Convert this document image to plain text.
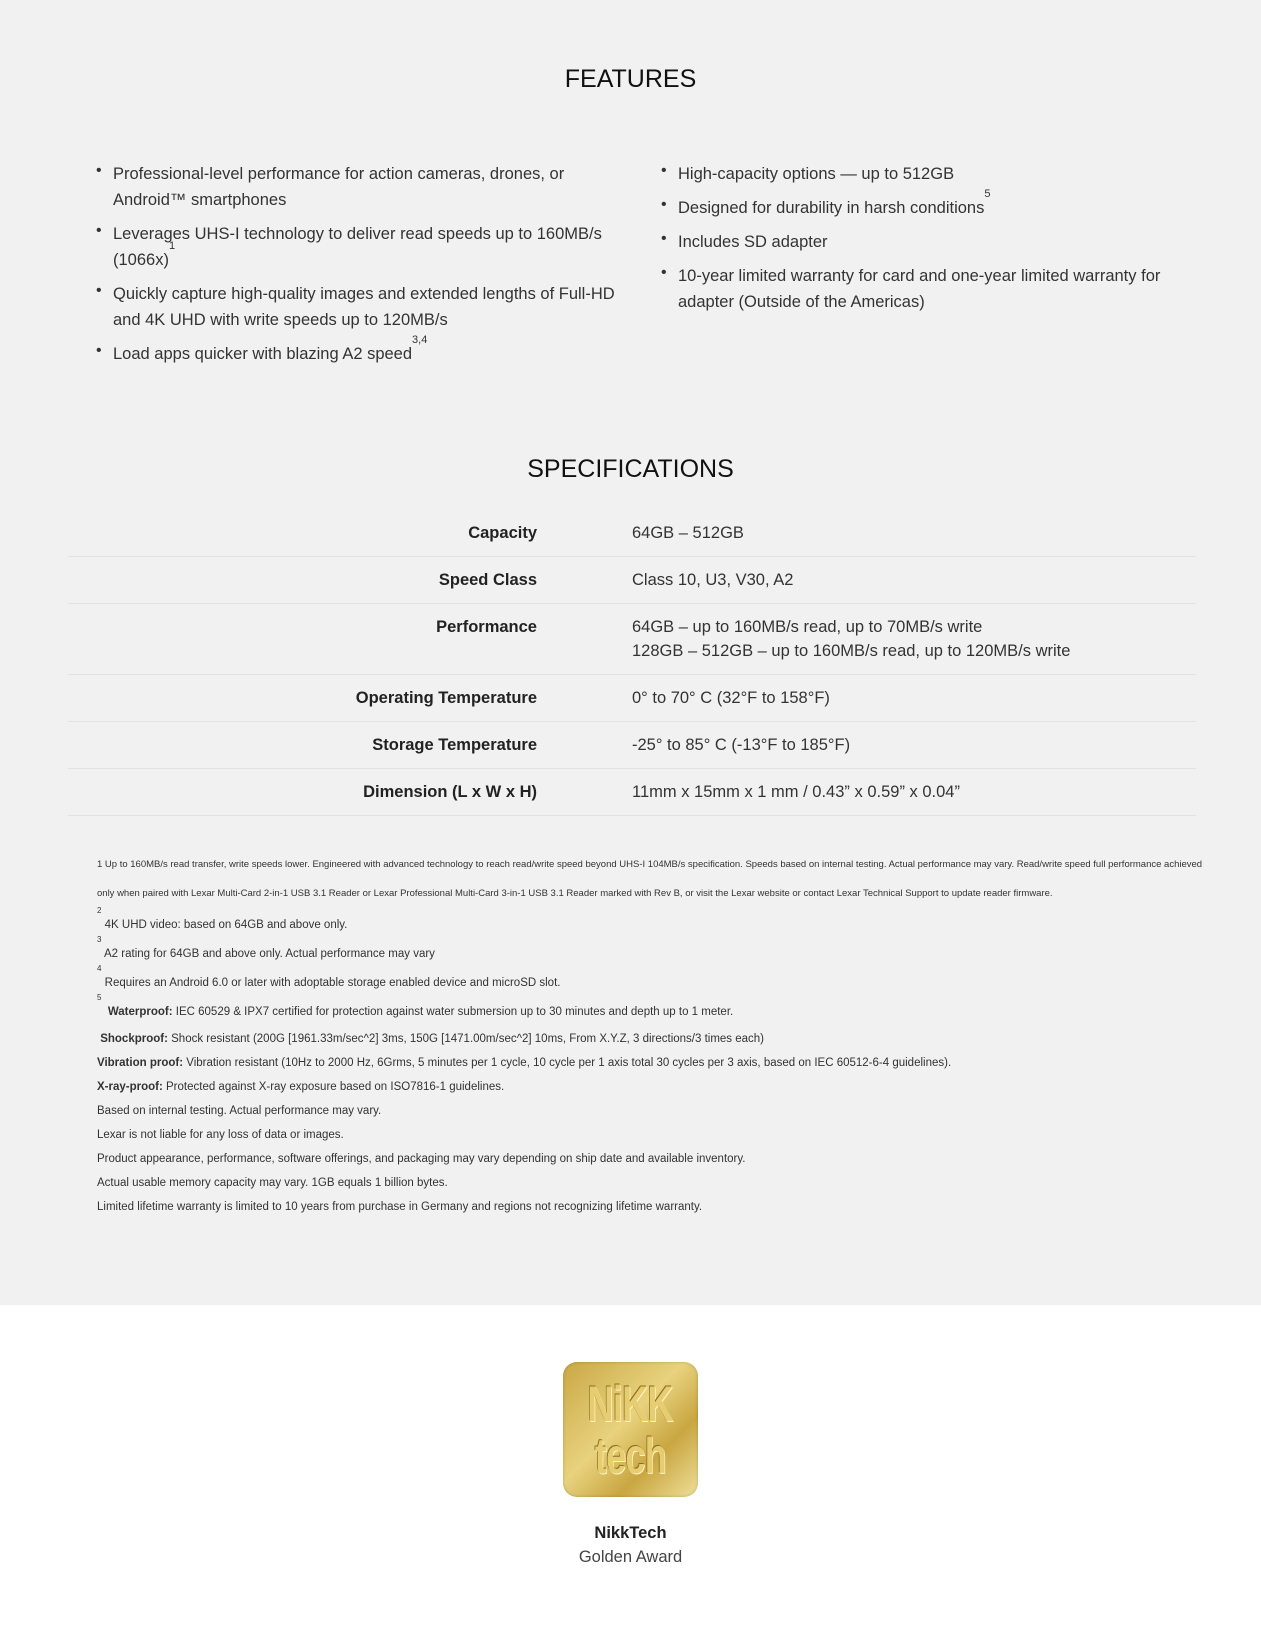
FEATURES
• Professional-level performance for action cameras, drones, or Android™ smartphones
• Leverages UHS-I technology to deliver read speeds up to 160MB/s $(1066x)^1$
• Quickly capture high-quality images and extended lengths of Full-HD and 4K UHD with write speeds up to 120MB/s
• Load apps quicker with blazing A2 speed$^{3,4}$
• High-capacity options — up to 512GB
• Designed for durability in harsh conditions$^5$
• Includes SD adapter
• 10-year limited warranty for card and one-year limited warranty for adapter (Outside of the Americas)
SPECIFICATIONS
Capacity	64GB – 512GB
Speed Class	Class 10, U3, V30, A2
Performance	64GB – up to 160MB/s read, up to 70MB/s write
128GB – 512GB – up to 160MB/s read, up to 120MB/s write
Operating Temperature	0° to 70° C (32°F to 158°F)
Storage Temperature	-25° to 85° C (-13°F to 185°F)
Dimension (L x W x H)	11mm x 15mm x 1 mm / 0.43” x 0.59” x 0.04”
1 Up to 160MB/s read transfer, write speeds lower. Engineered with advanced technology to reach read/write speed beyond UHS-I 104MB/s specification. Speeds based on internal testing. Actual performance may vary. Read/write speed full performance achieved only when paired with Lexar Multi-Card 2-in-1 USB 3.1 Reader or Lexar Professional Multi-Card 3-in-1 USB 3.1 Reader marked with Rev B, or visit the Lexar website or contact Lexar Technical Support to update reader firmware.
$^2$ 4K UHD video: based on 64GB and above only.
$^3$ A2 rating for 64GB and above only. Actual performance may vary
$^4$ Requires an Android 6.0 or later with adoptable storage enabled device and microSD slot.
$^5$  Waterproof: IEC 60529 & IPX7 certified for protection against water submersion up to 30 minutes and depth up to 1 meter.
Shockproof: Shock resistant (200G [1961.33m/sec^2] 3ms, 150G [1471.00m/sec^2] 10ms, From X.Y.Z, 3 directions/3 times each)
Vibration proof: Vibration resistant (10Hz to 2000 Hz, 6Grms, 5 minutes per 1 cycle, 10 cycle per 1 axis total 30 cycles per 3 axis, based on IEC 60512-6-4 guidelines).
X-ray-proof: Protected against X-ray exposure based on ISO7816-1 guidelines.
Based on internal testing. Actual performance may vary.
Lexar is not liable for any loss of data or images.
Product appearance, performance, software offerings, and packaging may vary depending on ship date and available inventory.
Actual usable memory capacity may vary. 1GB equals 1 billion bytes.
Limited lifetime warranty is limited to 10 years from purchase in Germany and regions not recognizing lifetime warranty.
NiKK
tech
NikkTech
Golden Award
